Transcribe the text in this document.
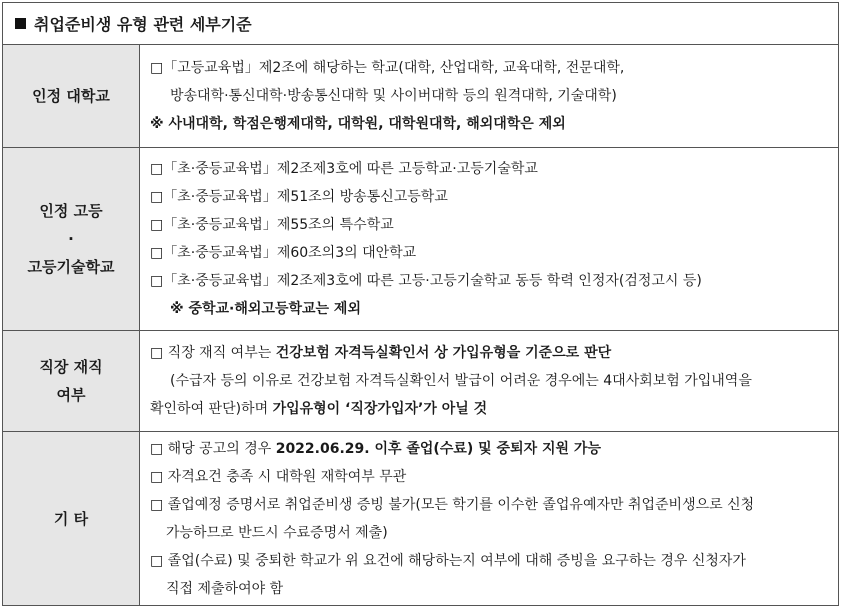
취업준비생 유형 관련 세부기준
인정 대학교
□「고등교육법」제2조에 해당하는 학교(대학, 산업대학, 교육대학, 전문대학,
방송대학·통신대학·방송통신대학 및 사이버대학 등의 원격대학, 기술대학)
※ 사내대학, 학점은행제대학, 대학원, 대학원대학, 해외대학은 제외
인정 고등
·
고등기술학교
□「초·중등교육법」제2조제3호에 따른 고등학교·고등기술학교
□「초·중등교육법」제51조의 방송통신고등학교
□「초·중등교육법」제55조의 특수학교
□「초·중등교육법」제60조의3의 대안학교
□「초·중등교육법」제2조제3호에 따른 고등·고등기술학교 동등 학력 인정자(검정고시 등)
※ 중학교·해외고등학교는 제외
직장 재직
여부
□ 직장 재직 여부는 건강보험 자격득실확인서 상 가입유형을 기준으로 판단
(수급자 등의 이유로 건강보험 자격득실확인서 발급이 어려운 경우에는 4대사회보험 가입내역을
확인하여 판단)하며 가입유형이 ‘직장가입자’가 아닐 것
기 타
□ 해당 공고의 경우 2022.06.29. 이후 졸업(수료) 및 중퇴자 지원 가능
□ 자격요건 충족 시 대학원 재학여부 무관
□ 졸업예정 증명서로 취업준비생 증빙 불가(모든 학기를 이수한 졸업유예자만 취업준비생으로 신청
가능하므로 반드시 수료증명서 제출)
□ 졸업(수료) 및 중퇴한 학교가 위 요건에 해당하는지 여부에 대해 증빙을 요구하는 경우 신청자가
직접 제출하여야 함
